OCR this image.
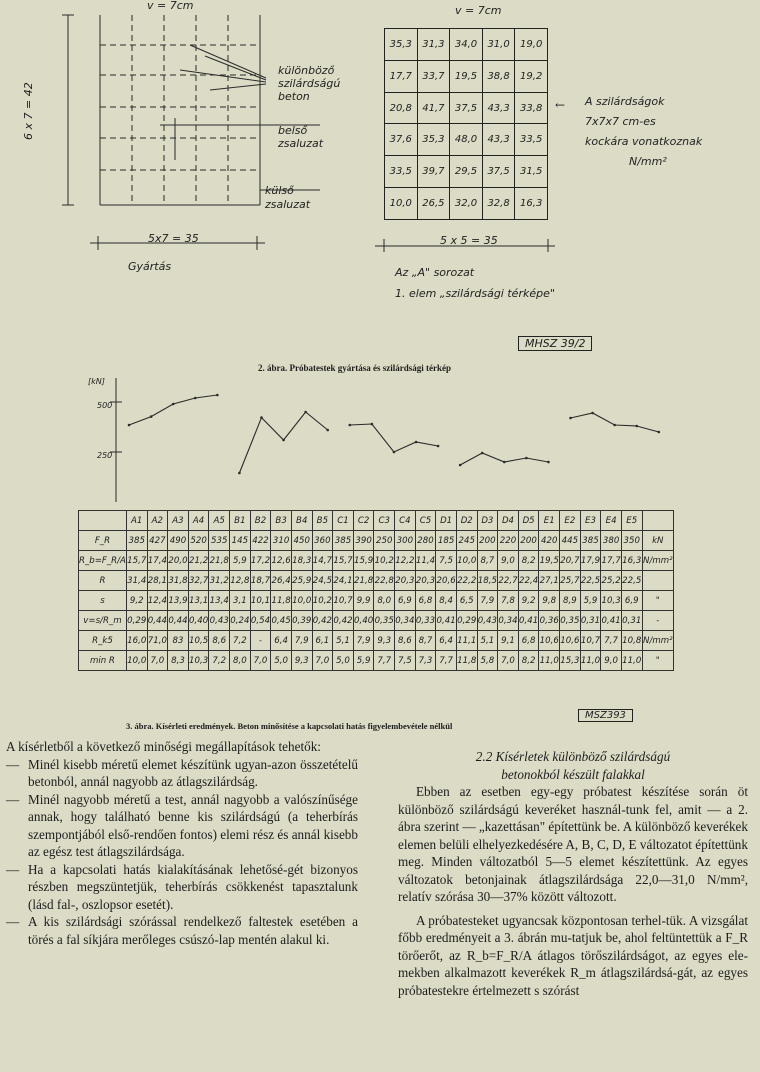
v = 7cm
6 x 7 = 42
különböző
szilárdságú
beton
belső
zsaluzat
külső
zsaluzat
5x7 = 35
Gyártás
v = 7cm
35,3	31,3	34,0	31,0	19,0
17,7	33,7	19,5	38,8	19,2
20,8	41,7	37,5	43,3	33,8
37,6	35,3	48,0	43,3	33,5
33,5	39,7	29,5	37,5	31,5
10,0	26,5	32,0	32,8	16,3
← A szilárdságok
7x7x7 cm-es
kockára vonatkoznak
N/mm²
5 x 5 = 35
Az „A" sorozat
1. elem „szilárdsági térképe"
MHSZ 39/2
2. ábra. Próbatestek gyártása és szilárdsági térkép
[kN]
500
250
	A1	A2	A3	A4	A5	B1	B2	B3	B4	B5	C1	C2	C3	C4	C5	D1	D2	D3	D4	D5	E1	E2	E3	E4	E5	
F_R	385	427	490	520	535	145	422	310	450	360	385	390	250	300	280	185	245	200	220	200	420	445	385	380	350	kN
R_b=F_R/A	15,7	17,4	20,0	21,2	21,8	5,9	17,2	12,6	18,3	14,7	15,7	15,9	10,2	12,2	11,4	7,5	10,0	8,7	9,0	8,2	19,5	20,7	17,9	17,7	16,3	N/mm²
R	31,4	28,1	31,8	32,7	31,2	12,8	18,7	26,4	25,9	24,5	24,1	21,8	22,8	20,3	20,3	20,6	22,2	18,5	22,7	22,4	27,1	25,7	22,5	25,2	22,5	
s	9,2	12,4	13,9	13,1	13,4	3,1	10,1	11,8	10,0	10,2	10,7	9,9	8,0	6,9	6,8	8,4	6,5	7,9	7,8	9,2	9,8	8,9	5,9	10,3	6,9	"
v=s/R_m	0,29	0,44	0,44	0,40	0,43	0,24	0,54	0,45	0,39	0,42	0,42	0,40	0,35	0,34	0,33	0,41	0,29	0,43	0,34	0,41	0,36	0,35	0,31	0,41	0,31	-
R_k5	16,0	71,0	83	10,5	8,6	7,2	-	6,4	7,9	6,1	5,1	7,9	9,3	8,6	8,7	6,4	11,1	5,1	9,1	6,8	10,6	10,6	10,7	7,7	10,8	N/mm²
min R	10,0	7,0	8,3	10,3	7,2	8,0	7,0	5,0	9,3	7,0	5,0	5,9	7,7	7,5	7,3	7,7	11,8	5,8	7,0	8,2	11,0	15,3	11,0	9,0	11,0	"
MSZ393
3. ábra. Kísérleti eredmények. Beton minősítése a kapcsolati hatás figyelembevétele nélkül

A kísérletből a következő minőségi megállapítások tehetők:

— Minél kisebb méretű elemet készítünk ugyan-azon összetételű betonból, annál nagyobb az átlagszilárdság.
— Minél nagyobb méretű a test, annál nagyobb a valószínűsége annak, hogy található benne kis szilárdságú (a teherbírás szempontjából első-rendően fontos) elemi rész és annál kisebb az egész test átlagszilárdsága.
— Ha a kapcsolati hatás kialakításának lehetősé-gét bizonyos részben megszüntetjük, teherbírás csökkenést tapasztalunk (lásd fal-, oszlopsor esetét).
— A kis szilárdsági szórással rendelkező faltestek esetében a törés a fal síkjára merőleges csúszó-lap mentén alakul ki.

2.2 Kísérletek különböző szilárdságú

betonokból készült falakkal

Ebben az esetben egy-egy próbatest készítése során öt különböző szilárdságú keveréket használ-tunk fel, amit — a 2. ábra szerint — „kazettásan" építettünk be. A különböző keverékek elemen belüli elhelyezkedésére A, B, C, D, E változatot építettünk meg. Minden változatból 5—5 elemet készítettünk. Az egyes változatok betonjainak átlagszilárdsága 22,0—31,0 N/mm², relatív szórása 30—37% között változott.

A próbatesteket ugyancsak központosan terhel-tük. A vizsgálat főbb eredményeit a 3. ábrán mu-tatjuk be, ahol feltüntettük a F_R törőerőt, az R_b=F_R/A átlagos törőszilárdságot, az egyes ele-mekben alkalmazott keverékek R_m átlagszilárdsá-gát, az egyes próbatestekre értelmezett s szórást
